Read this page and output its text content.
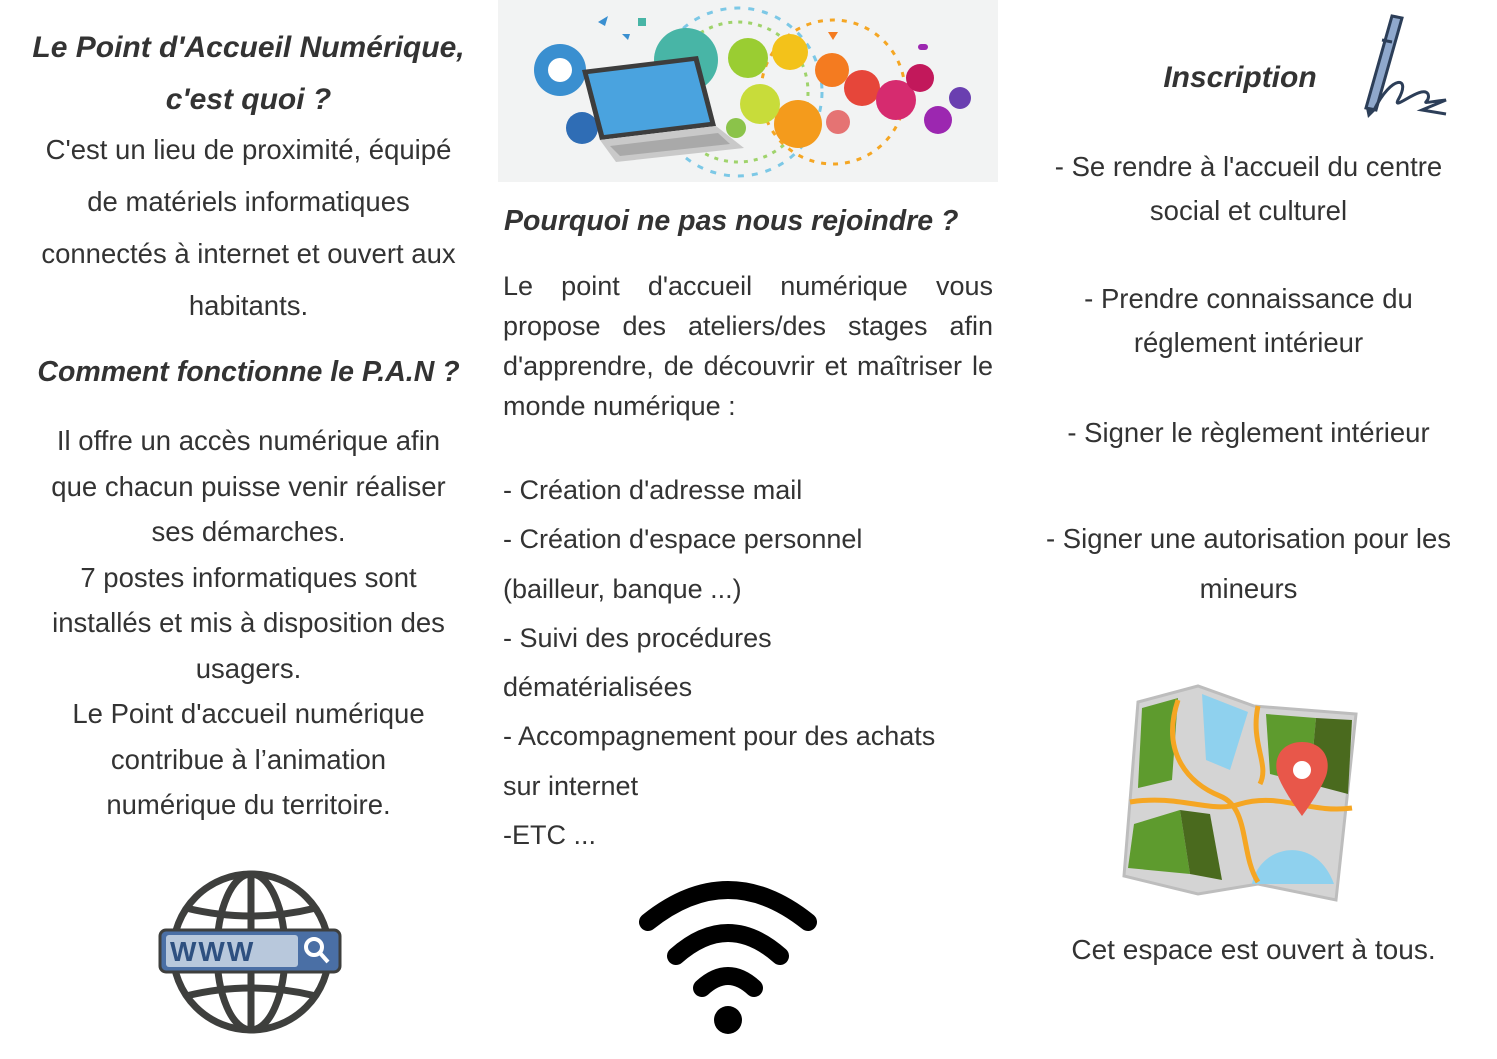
Le Point d'Accueil Numérique,
c'est quoi ?

C'est un lieu de proximité, équipé
de matériels informatiques
connectés à internet et ouvert aux
habitants.

Comment fonctionne le P.A.N ?

Il offre un accès numérique afin
que chacun puisse venir réaliser
ses démarches.
7 postes informatiques sont
installés et mis à disposition des
usagers.
Le Point d'accueil numérique
contribue à l’animation
numérique du territoire.

WWW
Pourquoi ne pas nous rejoindre ?

Le point d'accueil numérique vous propose des ateliers/des stages afin d'apprendre, de découvrir et maîtriser le monde numérique :

- Création d'adresse mail
- Création d'espace personnel
(bailleur, banque ...)
- Suivi des procédures
dématérialisées
- Accompagnement pour des achats
sur internet
-ETC ...
Inscription

- Se rendre à l'accueil du centre
social et culturel

- Prendre connaissance du
réglement intérieur

- Signer le règlement intérieur

- Signer une autorisation pour les
mineurs

Cet espace est ouvert à tous.
